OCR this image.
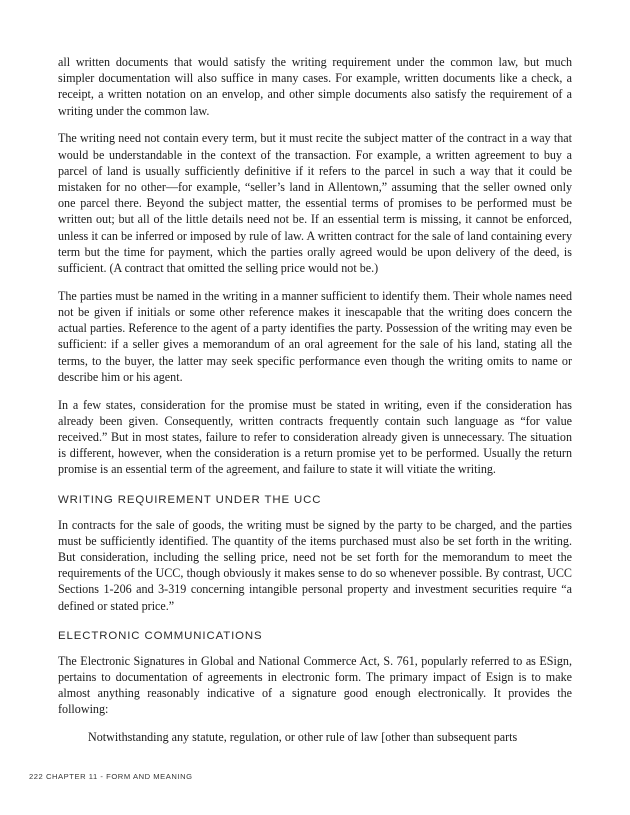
all written documents that would satisfy the writing requirement under the common law, but much simpler documentation will also suffice in many cases. For example, written documents like a check, a receipt, a written notation on an envelop, and other simple documents also satisfy the requirement of a writing under the common law.

The writing need not contain every term, but it must recite the subject matter of the contract in a way that would be understandable in the context of the transaction. For example, a written agreement to buy a parcel of land is usually sufficiently definitive if it refers to the parcel in such a way that it could be mistaken for no other—for example, “seller’s land in Allentown,” assuming that the seller owned only one parcel there. Beyond the subject matter, the essential terms of promises to be performed must be written out; but all of the little details need not be. If an essential term is missing, it cannot be enforced, unless it can be inferred or imposed by rule of law. A written contract for the sale of land containing every term but the time for payment, which the parties orally agreed would be upon delivery of the deed, is sufficient. (A contract that omitted the selling price would not be.)

The parties must be named in the writing in a manner sufficient to identify them. Their whole names need not be given if initials or some other reference makes it inescapable that the writing does concern the actual parties. Reference to the agent of a party identifies the party. Possession of the writing may even be sufficient: if a seller gives a memorandum of an oral agreement for the sale of his land, stating all the terms, to the buyer, the latter may seek specific performance even though the writing omits to name or describe him or his agent.

In a few states, consideration for the promise must be stated in writing, even if the consideration has already been given. Consequently, written contracts frequently contain such language as “for value received.” But in most states, failure to refer to consideration already given is unnecessary. The situation is different, however, when the consideration is a return promise yet to be performed. Usually the return promise is an essential term of the agreement, and failure to state it will vitiate the writing.

WRITING REQUIREMENT UNDER THE UCC

In contracts for the sale of goods, the writing must be signed by the party to be charged, and the parties must be sufficiently identified. The quantity of the items purchased must also be set forth in the writing. But consideration, including the selling price, need not be set forth for the memorandum to meet the requirements of the UCC, though obviously it makes sense to do so whenever possible. By contrast, UCC Sections 1-206 and 3-319 concerning intangible personal property and investment securities require “a defined or stated price.”

ELECTRONIC COMMUNICATIONS

The Electronic Signatures in Global and National Commerce Act, S. 761, popularly referred to as ESign, pertains to documentation of agreements in electronic form. The primary impact of Esign is to make almost anything reasonably indicative of a signature good enough electronically. It provides the following:

Notwithstanding any statute, regulation, or other rule of law [other than subsequent parts

222 CHAPTER 11 - FORM AND MEANING
